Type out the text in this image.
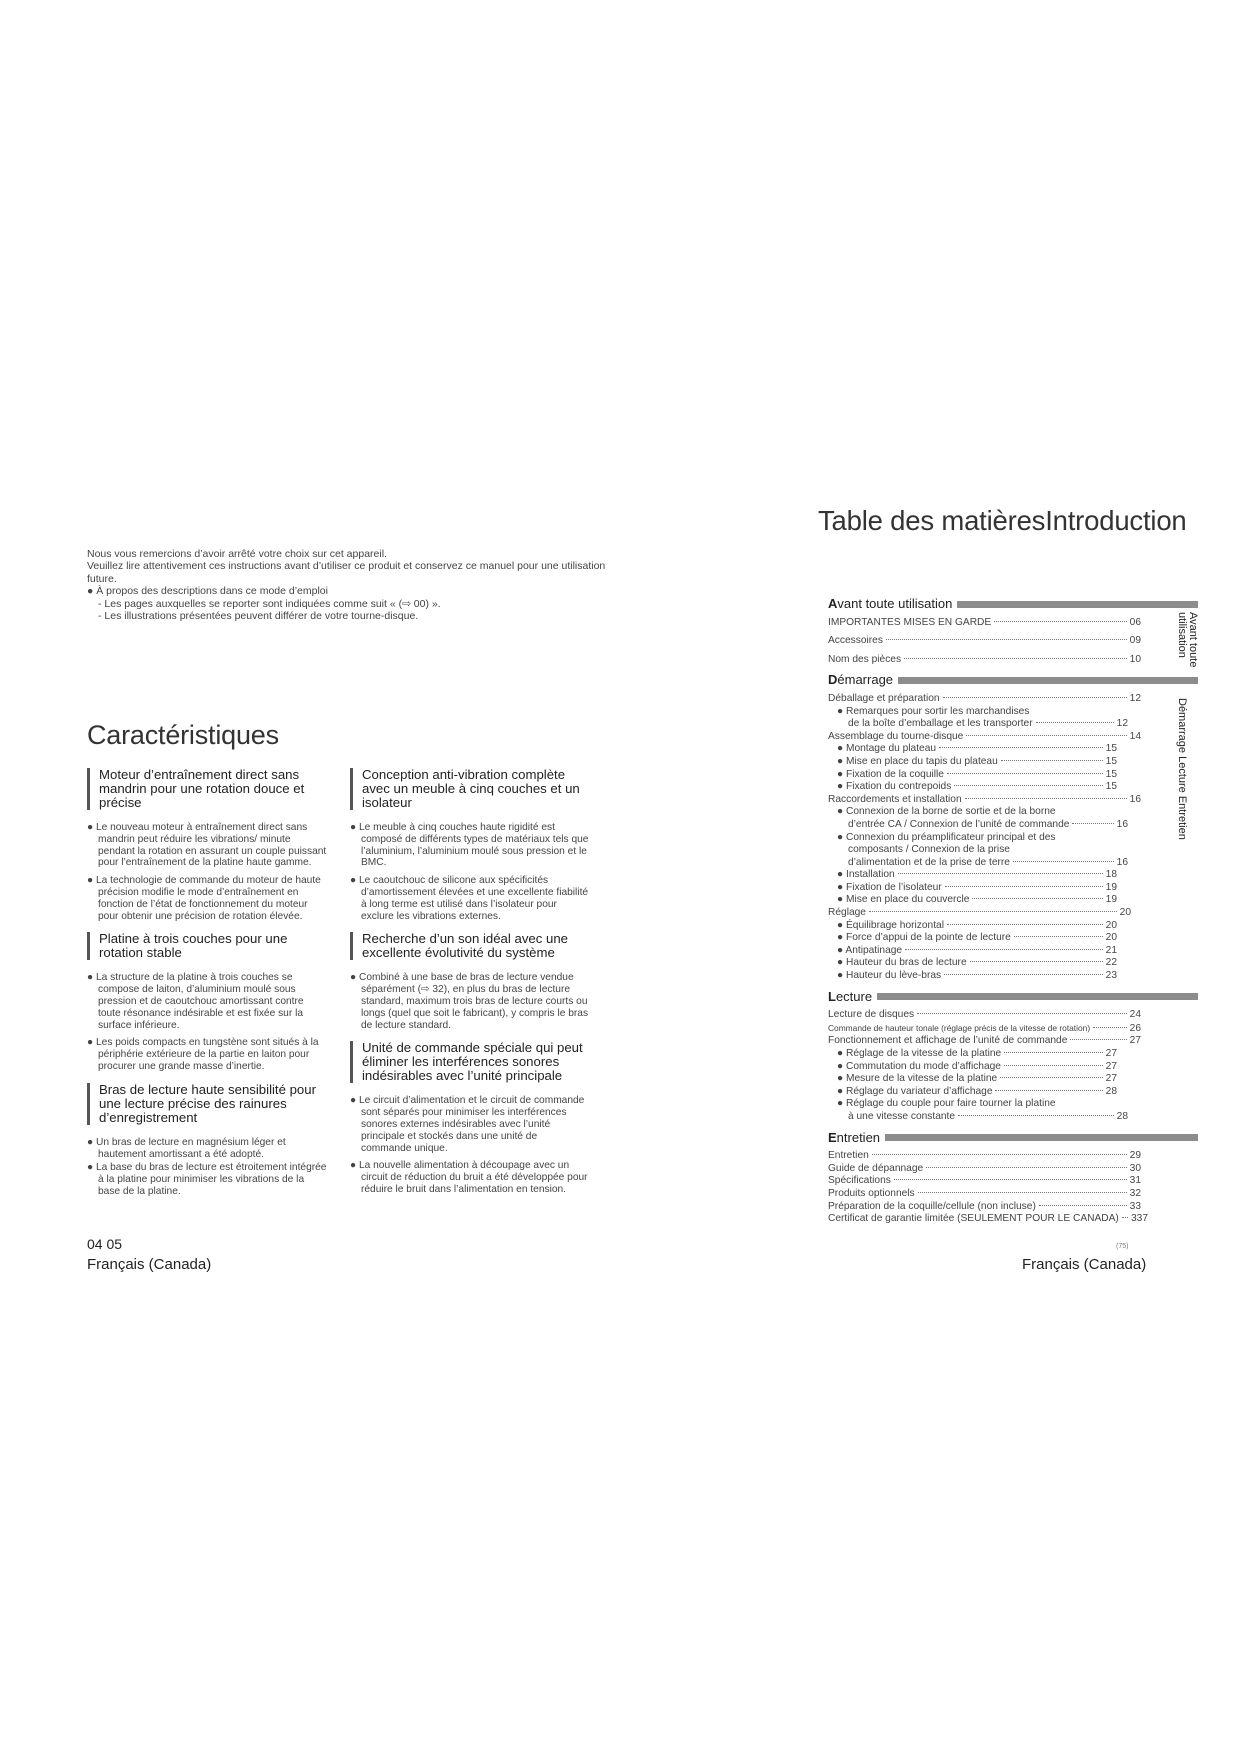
Nous vous remercions d’avoir arrêté votre choix sur cet appareil.

Veuillez lire attentivement ces instructions avant d’utiliser ce produit et conservez ce manuel pour une utilisation future.

● À propos des descriptions dans ce mode d’emploi

- Les pages auxquelles se reporter sont indiquées comme suit « (⇨ 00) ».

- Les illustrations présentées peuvent différer de votre tourne-disque.

Caractéristiques
Moteur d’entraînement direct sans mandrin pour une rotation douce et précise

● Le nouveau moteur à entraînement direct sans mandrin peut réduire les vibrations/ minute pendant la rotation en assurant un couple puissant pour l’entraînement de la platine haute gamme.

● La technologie de commande du moteur de haute précision modifie le mode d’entraînement en fonction de l’état de fonctionnement du moteur pour obtenir une précision de rotation élevée.

Platine à trois couches pour une rotation stable

● La structure de la platine à trois couches se compose de laiton, d’aluminium moulé sous pression et de caoutchouc amortissant contre toute résonance indésirable et est fixée sur la surface inférieure.

● Les poids compacts en tungstène sont situés à la périphérie extérieure de la partie en laiton pour procurer une grande masse d’inertie.

Bras de lecture haute sensibilité pour une lecture précise des rainures d’enregistrement

● Un bras de lecture en magnésium léger et hautement amortissant a été adopté.

● La base du bras de lecture est étroitement intégrée à la platine pour minimiser les vibrations de la base de la platine.

Conception anti-vibration complète avec un meuble à cinq couches et un isolateur

● Le meuble à cinq couches haute rigidité est composé de différents types de matériaux tels que l’aluminium, l’aluminium moulé sous pression et le BMC.

● Le caoutchouc de silicone aux spécificités d’amortissement élevées et une excellente fiabilité à long terme est utilisé dans l’isolateur pour exclure les vibrations externes.

Recherche d’un son idéal avec une excellente évolutivité du système

● Combiné à une base de bras de lecture vendue séparément (⇨ 32), en plus du bras de lecture standard, maximum trois bras de lecture courts ou longs (quel que soit le fabricant), y compris le bras de lecture standard.

Unité de commande spéciale qui peut éliminer les interférences sonores indésirables avec l’unité principale

● Le circuit d’alimentation et le circuit de commande sont séparés pour minimiser les interférences sonores externes indésirables avec l’unité principale et stockés dans une unité de commande unique.

● La nouvelle alimentation à découpage avec un circuit de réduction du bruit a été développée pour réduire le bruit dans l’alimentation en tension.

04 05
Français (Canada)
(75)
Français (Canada)
Table des matièresIntroduction
Avant toute utilisation
IMPORTANTES MISES EN GARDE	06
Accessoires	09
Nom des pièces	10
Démarrage
Déballage et préparation	12
● Remarques pour sortir les marchandises
de la boîte d’emballage et les transporter	12
Assemblage du tourne-disque	14
● Montage du plateau	15
● Mise en place du tapis du plateau	15
● Fixation de la coquille	15
● Fixation du contrepoids	15
Raccordements et installation	16
● Connexion de la borne de sortie et de la borne
d’entrée CA / Connexion de l’unité de commande	16
● Connexion du préamplificateur principal et des
composants / Connexion de la prise
d’alimentation et de la prise de terre	16
● Installation	18
● Fixation de l’isolateur	19
● Mise en place du couvercle	19
Réglage	20
● Équilibrage horizontal	20
● Force d’appui de la pointe de lecture	20
● Antipatinage	21
● Hauteur du bras de lecture	22
● Hauteur du lève-bras	23
Lecture
Lecture de disques	24
Commande de hauteur tonale (réglage précis de la vitesse de rotation)	26
Fonctionnement et affichage de l’unité de commande	27
● Réglage de la vitesse de la platine	27
● Commutation du mode d’affichage	27
● Mesure de la vitesse de la platine	27
● Réglage du variateur d’affichage	28
● Réglage du couple pour faire tourner la platine
à une vitesse constante	28
Entretien
Entretien	29
Guide de dépannage	30
Spécifications	31
Produits optionnels	32
Préparation de la coquille/cellule (non incluse)	33
Certificat de garantie limitée (SEULEMENT POUR LE CANADA) 337
Avant toute utilisation
Démarrage Lecture Entretien
